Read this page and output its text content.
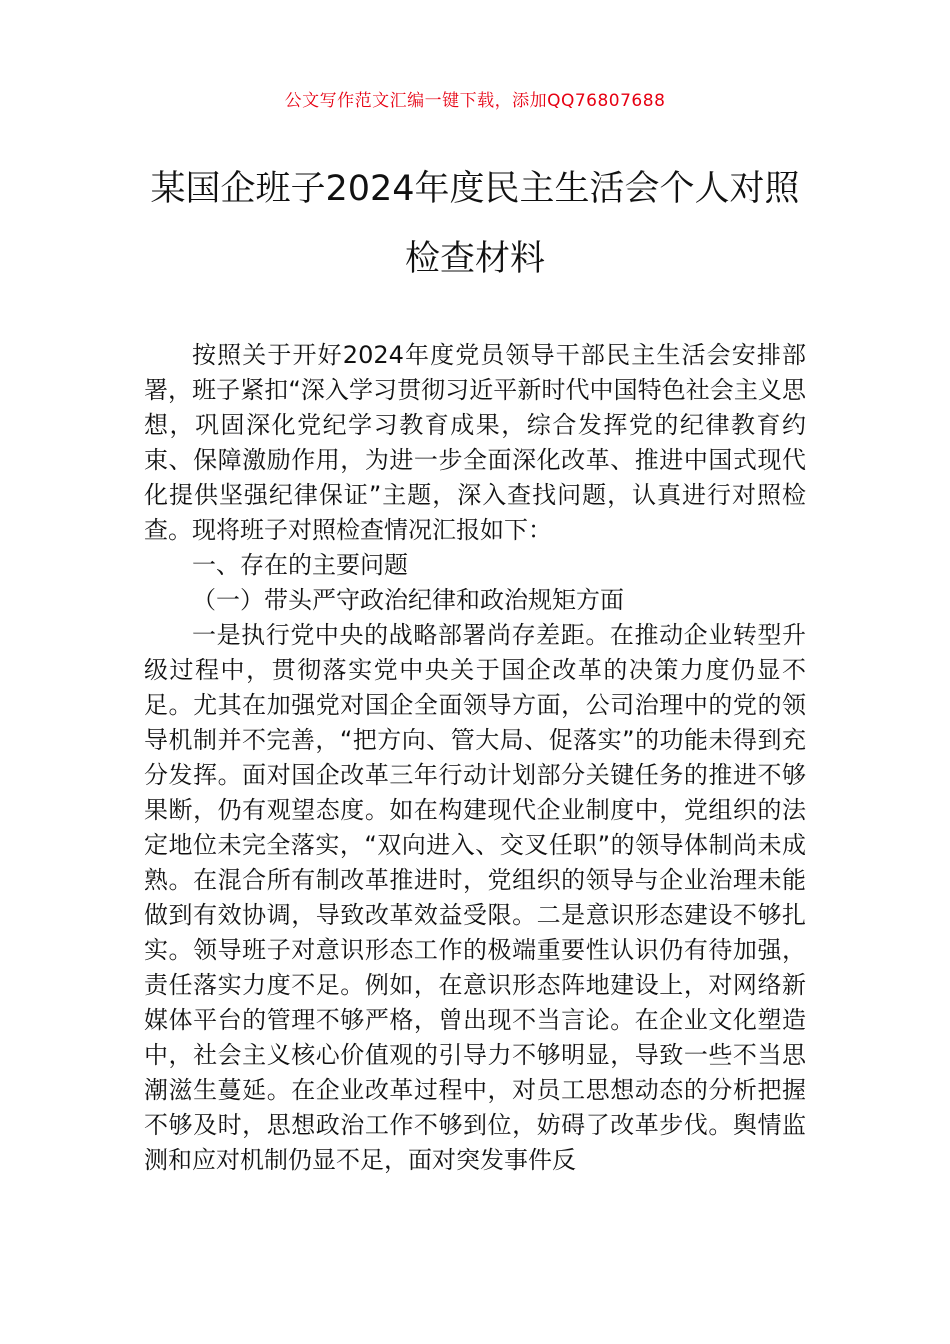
公文写作范文汇编一键下载，添加QQ76807688
某国企班子2024年度民主生活会个人对照
检查材料

按照关于开好2024年度党员领导干部民主生活会安排部署，班子紧扣“深入学习贯彻习近平新时代中国特色社会主义思想，巩固深化党纪学习教育成果，综合发挥党的纪律教育约束、保障激励作用，为进一步全面深化改革、推进中国式现代化提供坚强纪律保证”主题，深入查找问题，认真进行对照检查。现将班子对照检查情况汇报如下：

一、存在的主要问题

（一）带头严守政治纪律和政治规矩方面

一是执行党中央的战略部署尚存差距。在推动企业转型升级过程中，贯彻落实党中央关于国企改革的决策力度仍显不足。尤其在加强党对国企全面领导方面，公司治理中的党的领导机制并不完善，“把方向、管大局、促落实”的功能未得到充分发挥。面对国企改革三年行动计划部分关键任务的推进不够果断，仍有观望态度。如在构建现代企业制度中，党组织的法定地位未完全落实，“双向进入、交叉任职”的领导体制尚未成熟。在混合所有制改革推进时，党组织的领导与企业治理未能做到有效协调，导致改革效益受限。二是意识形态建设不够扎实。领导班子对意识形态工作的极端重要性认识仍有待加强，责任落实力度不足。例如，在意识形态阵地建设上，对网络新媒体平台的管理不够严格，曾出现不当言论。在企业文化塑造中，社会主义核心价值观的引导力不够明显，导致一些不当思潮滋生蔓延。在企业改革过程中，对员工思想动态的分析把握不够及时，思想政治工作不够到位，妨碍了改革步伐。舆情监测和应对机制仍显不足，面对突发事件反
